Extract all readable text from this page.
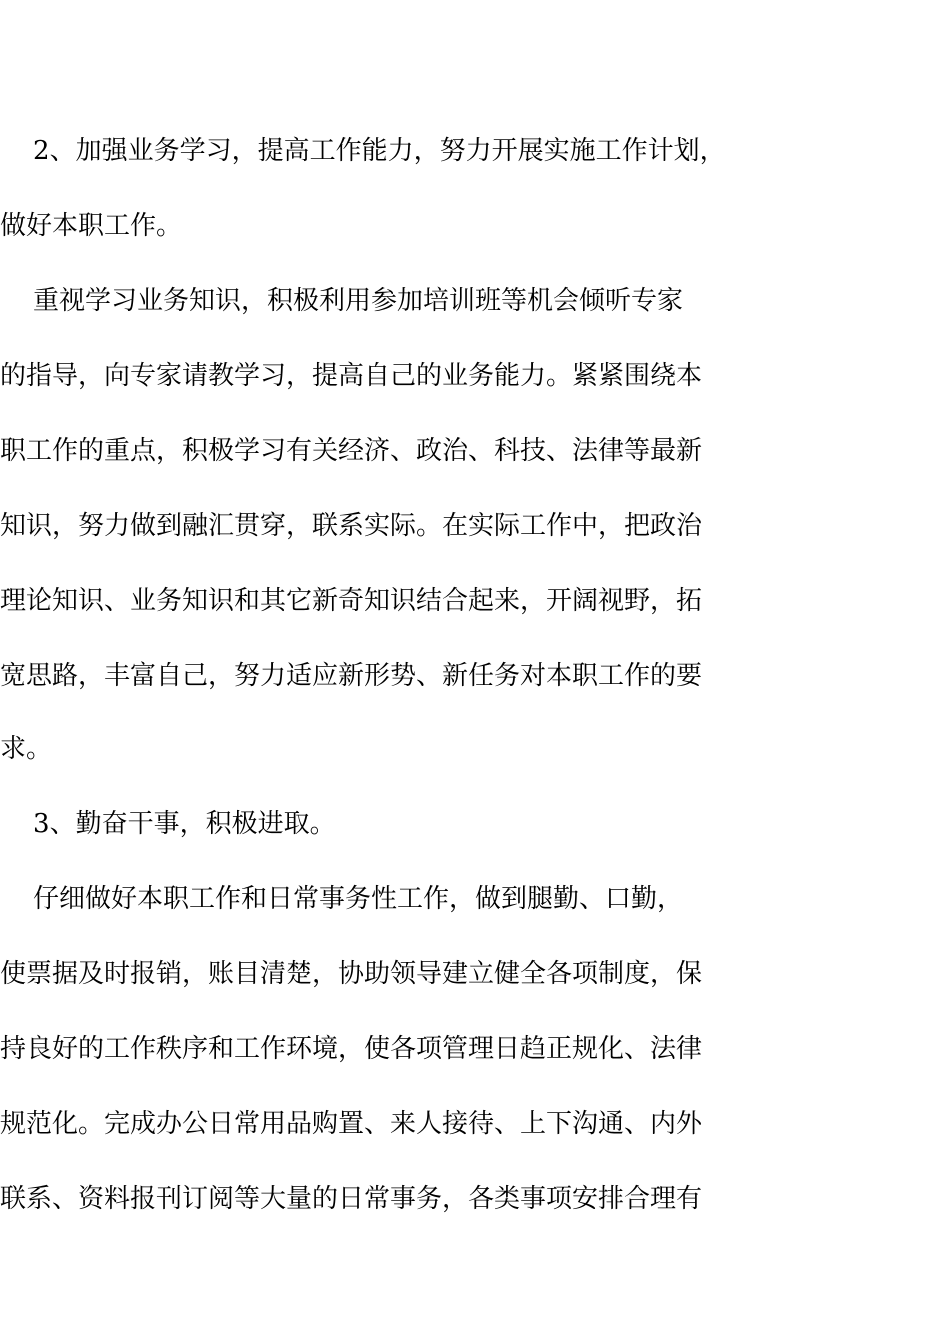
2、加强业务学习，提高工作能力，努力开展实施工作计划，
做好本职工作。
重视学习业务知识，积极利用参加培训班等机会倾听专家
的指导，向专家请教学习，提高自己的业务能力。紧紧围绕本
职工作的重点，积极学习有关经济、政治、科技、法律等最新
知识，努力做到融汇贯穿，联系实际。在实际工作中，把政治
理论知识、业务知识和其它新奇知识结合起来，开阔视野，拓
宽思路，丰富自己，努力适应新形势、新任务对本职工作的要
求。
3、勤奋干事，积极进取。
仔细做好本职工作和日常事务性工作，做到腿勤、口勤，
使票据及时报销，账目清楚，协助领导建立健全各项制度，保
持良好的工作秩序和工作环境，使各项管理日趋正规化、法律
规范化。完成办公日常用品购置、来人接待、上下沟通、内外
联系、资料报刊订阅等大量的日常事务，各类事项安排合理有
